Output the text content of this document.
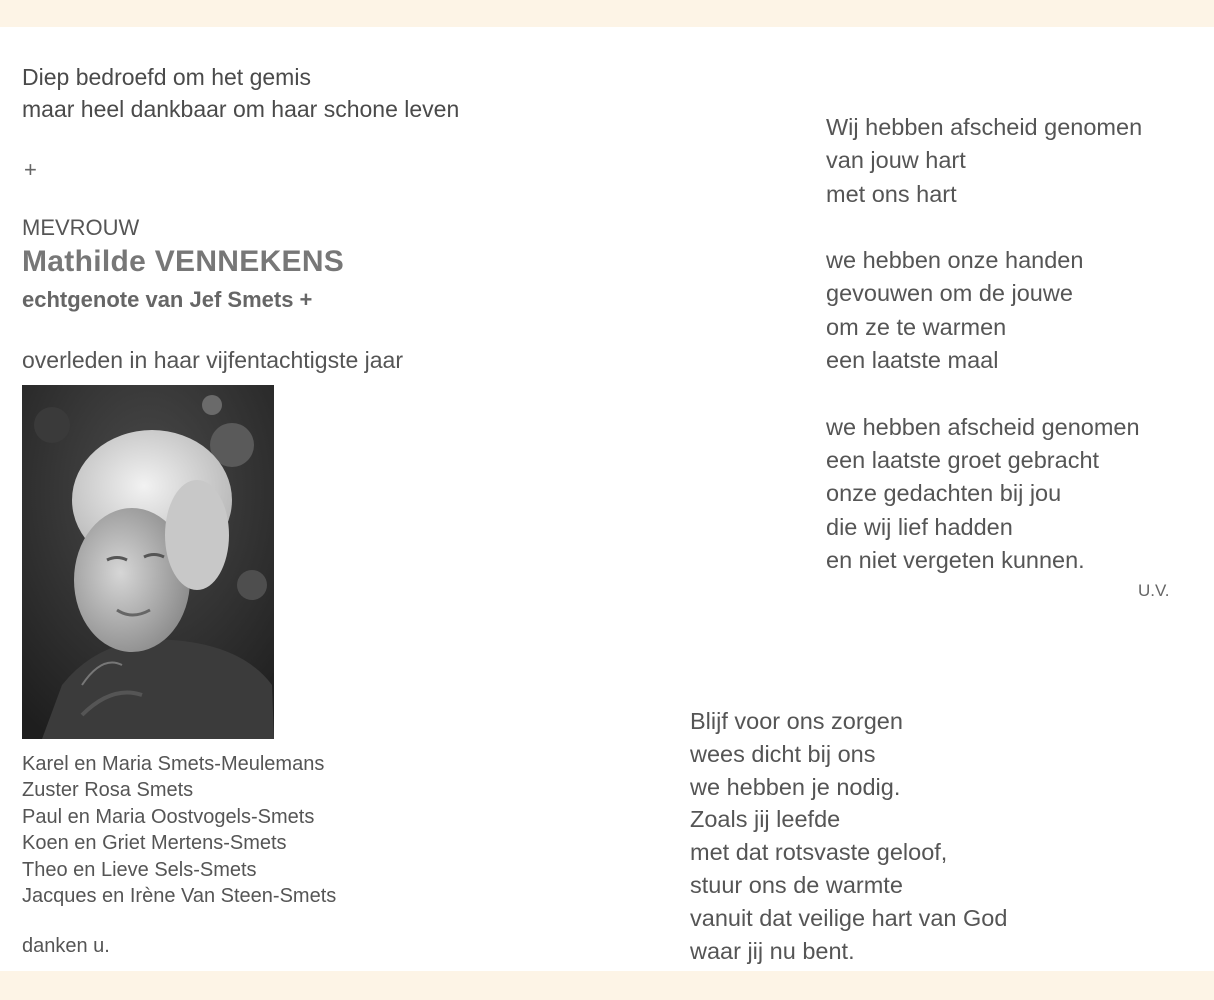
Diep bedroefd om het gemis
maar heel dankbaar om haar schone leven
+
MEVROUW
Mathilde VENNEKENS
echtgenote van Jef Smets +
overleden in haar vijfentachtigste jaar
Karel en Maria Smets-Meulemans
Zuster Rosa Smets
Paul en Maria Oostvogels-Smets
Koen en Griet Mertens-Smets
Theo en Lieve Sels-Smets
Jacques en Irène Van Steen-Smets
danken u.
Wij hebben afscheid genomen
van jouw hart
met ons hart
we hebben onze handen
gevouwen om de jouwe
om ze te warmen
een laatste maal
we hebben afscheid genomen
een laatste groet gebracht
onze gedachten bij jou
die wij lief hadden
en niet vergeten kunnen.
U.V.
Blijf voor ons zorgen
wees dicht bij ons
we hebben je nodig.
Zoals jij leefde
met dat rotsvaste geloof,
stuur ons de warmte
vanuit dat veilige hart van God
waar jij nu bent.
